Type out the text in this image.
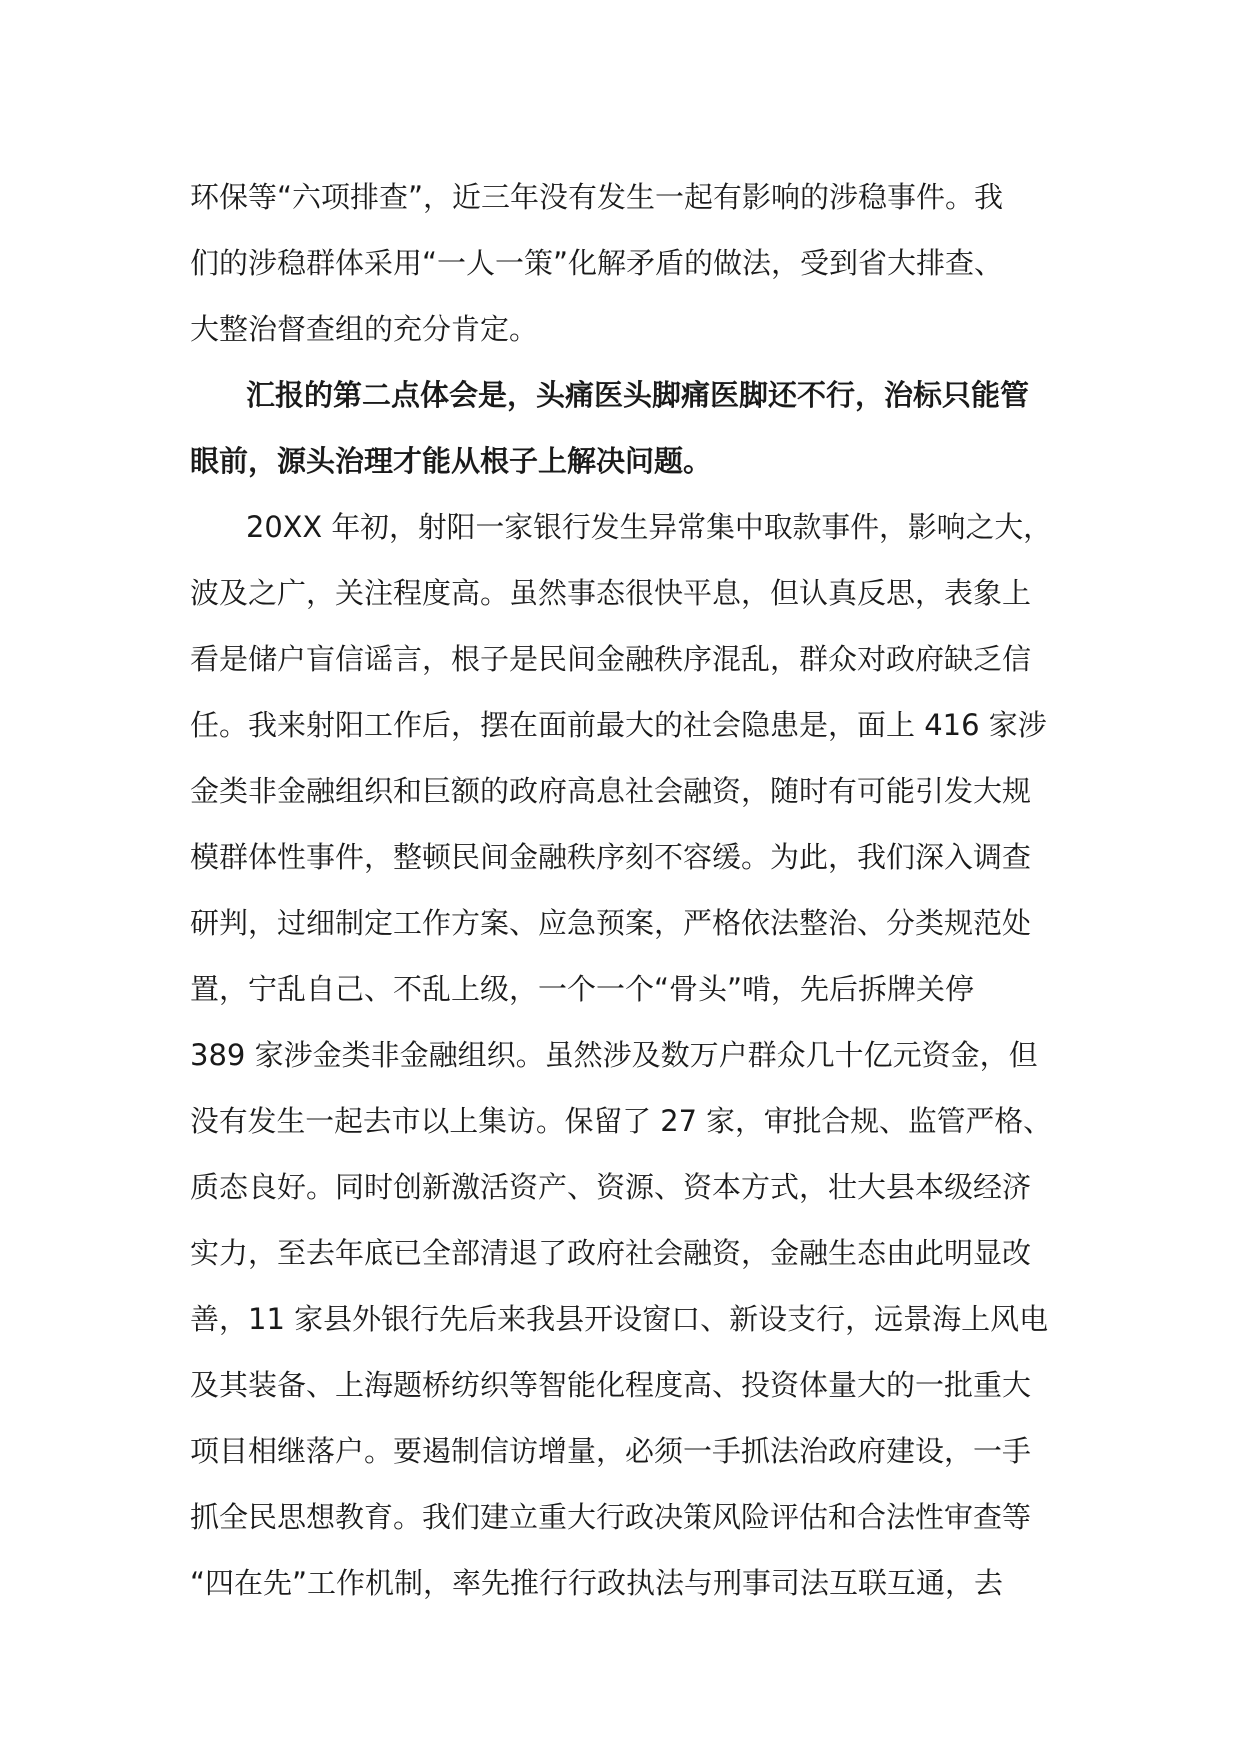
环保等“六项排查”，近三年没有发生一起有影响的涉稳事件。我
们的涉稳群体采用“一人一策”化解矛盾的做法，受到省大排查、
大整治督查组的充分肯定。
汇报的第二点体会是，头痛医头脚痛医脚还不行，治标只能管
眼前，源头治理才能从根子上解决问题。
20XX 年初，射阳一家银行发生异常集中取款事件，影响之大，
波及之广，关注程度高。虽然事态很快平息，但认真反思，表象上
看是储户盲信谣言，根子是民间金融秩序混乱，群众对政府缺乏信
任。我来射阳工作后，摆在面前最大的社会隐患是，面上 416 家涉
金类非金融组织和巨额的政府高息社会融资，随时有可能引发大规
模群体性事件，整顿民间金融秩序刻不容缓。为此，我们深入调查
研判，过细制定工作方案、应急预案，严格依法整治、分类规范处
置，宁乱自己、不乱上级，一个一个“骨头”啃，先后拆牌关停
389 家涉金类非金融组织。虽然涉及数万户群众几十亿元资金，但
没有发生一起去市以上集访。保留了 27 家，审批合规、监管严格、
质态良好。同时创新激活资产、资源、资本方式，壮大县本级经济
实力，至去年底已全部清退了政府社会融资，金融生态由此明显改
善，11 家县外银行先后来我县开设窗口、新设支行，远景海上风电
及其装备、上海题桥纺织等智能化程度高、投资体量大的一批重大
项目相继落户。要遏制信访增量，必须一手抓法治政府建设，一手
抓全民思想教育。我们建立重大行政决策风险评估和合法性审查等
“四在先”工作机制，率先推行行政执法与刑事司法互联互通，去
